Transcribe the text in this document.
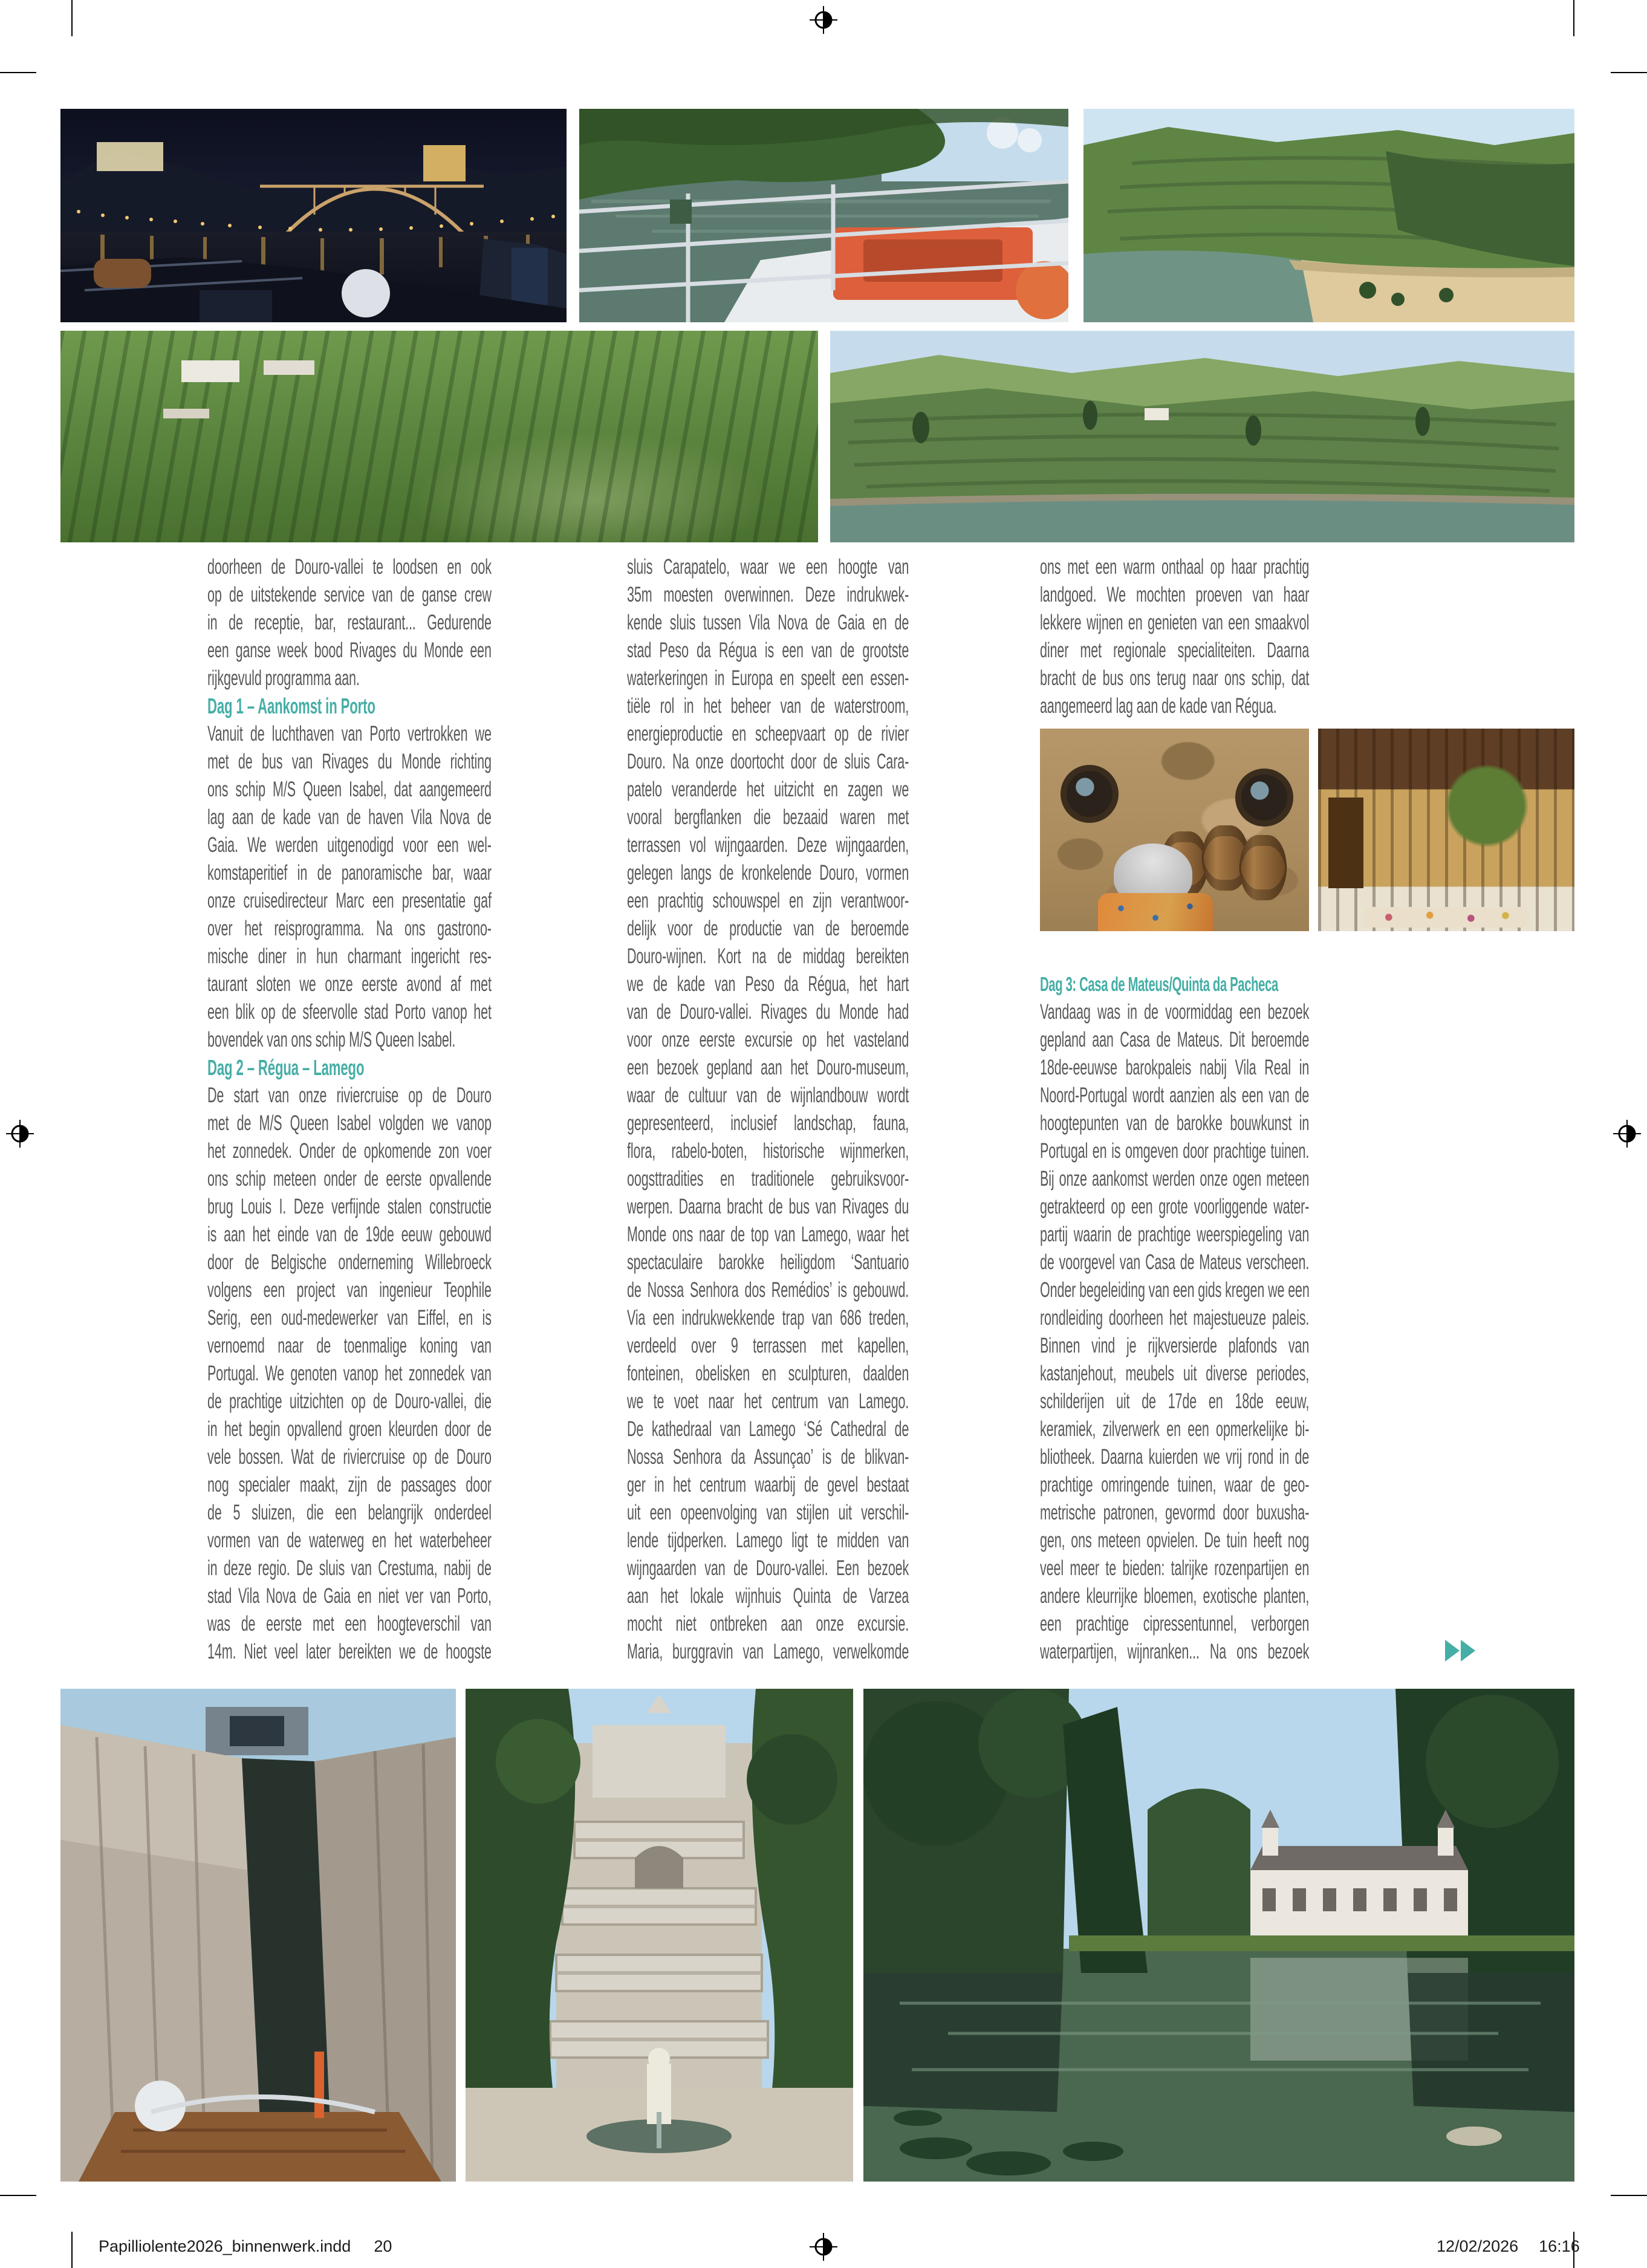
doorheen de Douro-vallei te loodsen en ook
op de uitstekende service van de ganse crew
in de receptie, bar, restaurant... Gedurende
een ganse week bood Rivages du Monde een
rijkgevuld programma aan.
Dag 1 – Aankomst in Porto
Vanuit de luchthaven van Porto vertrokken we
met de bus van Rivages du Monde richting
ons schip M/S Queen Isabel, dat aangemeerd
lag aan de kade van de haven Vila Nova de
Gaia. We werden uitgenodigd voor een wel-
komstaperitief in de panoramische bar, waar
onze cruisedirecteur Marc een presentatie gaf
over het reisprogramma. Na ons gastrono-
mische diner in hun charmant ingericht res-
taurant sloten we onze eerste avond af met
een blik op de sfeervolle stad Porto vanop het
bovendek van ons schip M/S Queen Isabel.
Dag 2 – Régua – Lamego
De start van onze riviercruise op de Douro
met de M/S Queen Isabel volgden we vanop
het zonnedek. Onder de opkomende zon voer
ons schip meteen onder de eerste opvallende
brug Louis I. Deze verfijnde stalen constructie
is aan het einde van de 19de eeuw gebouwd
door de Belgische onderneming Willebroeck
volgens een project van ingenieur Teophile
Serig, een oud-medewerker van Eiffel, en is
vernoemd naar de toenmalige koning van
Portugal. We genoten vanop het zonnedek van
de prachtige uitzichten op de Douro-vallei, die
in het begin opvallend groen kleurden door de
vele bossen. Wat de riviercruise op de Douro
nog specialer maakt, zijn de passages door
de 5 sluizen, die een belangrijk onderdeel
vormen van de waterweg en het waterbeheer
in deze regio. De sluis van Crestuma, nabij de
stad Vila Nova de Gaia en niet ver van Porto,
was de eerste met een hoogteverschil van
14m. Niet veel later bereikten we de hoogste
sluis Carapatelo, waar we een hoogte van
35m moesten overwinnen. Deze indrukwek-
kende sluis tussen Vila Nova de Gaia en de
stad Peso da Régua is een van de grootste
waterkeringen in Europa en speelt een essen-
tiële rol in het beheer van de waterstroom,
energieproductie en scheepvaart op de rivier
Douro. Na onze doortocht door de sluis Cara-
patelo veranderde het uitzicht en zagen we
vooral bergflanken die bezaaid waren met
terrassen vol wijngaarden. Deze wijngaarden,
gelegen langs de kronkelende Douro, vormen
een prachtig schouwspel en zijn verantwoor-
delijk voor de productie van de beroemde
Douro-wijnen. Kort na de middag bereikten
we de kade van Peso da Régua, het hart
van de Douro-vallei. Rivages du Monde had
voor onze eerste excursie op het vasteland
een bezoek gepland aan het Douro-museum,
waar de cultuur van de wijnlandbouw wordt
gepresenteerd, inclusief landschap, fauna,
flora, rabelo-boten, historische wijnmerken,
oogsttradities en traditionele gebruiksvoor-
werpen. Daarna bracht de bus van Rivages du
Monde ons naar de top van Lamego, waar het
spectaculaire barokke heiligdom ‘Santuario
de Nossa Senhora dos Remédios’ is gebouwd.
Via een indrukwekkende trap van 686 treden,
verdeeld over 9 terrassen met kapellen,
fonteinen, obelisken en sculpturen, daalden
we te voet naar het centrum van Lamego.
De kathedraal van Lamego ‘Sé Cathedral de
Nossa Senhora da Assunçao’ is de blikvan-
ger in het centrum waarbij de gevel bestaat
uit een opeenvolging van stijlen uit verschil-
lende tijdperken. Lamego ligt te midden van
wijngaarden van de Douro-vallei. Een bezoek
aan het lokale wijnhuis Quinta de Varzea
mocht niet ontbreken aan onze excursie.
Maria, burggravin van Lamego, verwelkomde
ons met een warm onthaal op haar prachtig
landgoed. We mochten proeven van haar
lekkere wijnen en genieten van een smaakvol
diner met regionale specialiteiten. Daarna
bracht de bus ons terug naar ons schip, dat
aangemeerd lag aan de kade van Régua.
Dag 3: Casa de Mateus/Quinta da Pacheca
Vandaag was in de voormiddag een bezoek
gepland aan Casa de Mateus. Dit beroemde
18de-eeuwse barokpaleis nabij Vila Real in
Noord-Portugal wordt aanzien als een van de
hoogtepunten van de barokke bouwkunst in
Portugal en is omgeven door prachtige tuinen.
Bij onze aankomst werden onze ogen meteen
getrakteerd op een grote voorliggende water-
partij waarin de prachtige weerspiegeling van
de voorgevel van Casa de Mateus verscheen.
Onder begeleiding van een gids kregen we een
rondleiding doorheen het majestueuze paleis.
Binnen vind je rijkversierde plafonds van
kastanjehout, meubels uit diverse periodes,
schilderijen uit de 17de en 18de eeuw,
keramiek, zilverwerk en een opmerkelijke bi-
bliotheek. Daarna kuierden we vrij rond in de
prachtige omringende tuinen, waar de geo-
metrische patronen, gevormd door buxusha-
gen, ons meteen opvielen. De tuin heeft nog
veel meer te bieden: talrijke rozenpartijen en
andere kleurrijke bloemen, exotische planten,
een prachtige cipressentunnel, verborgen
waterpartijen, wijnranken... Na ons bezoek
Papilliolente2026_binnenwerk.indd 20	12/02/2026 16:16
